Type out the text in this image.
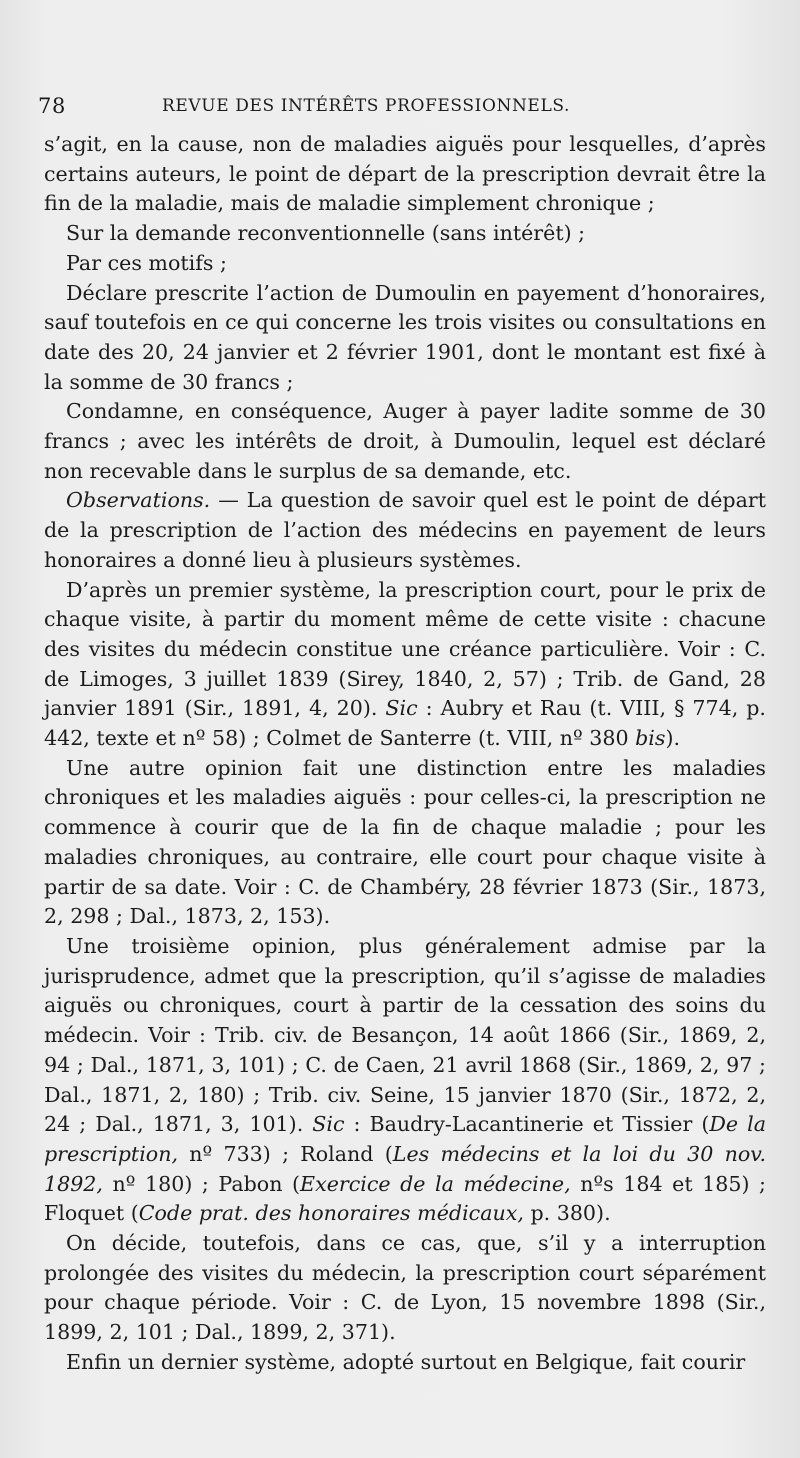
78	REVUE DES INTÉRÊTS PROFESSIONNELS.

s’agit, en la cause, non de maladies aiguës pour lesquelles, d’après certains auteurs, le point de départ de la prescription devrait être la fin de la maladie, mais de maladie simplement chronique ;

Sur la demande reconventionnelle (sans intérêt) ;

Par ces motifs ;

Déclare prescrite l’action de Dumoulin en payement d’honoraires, sauf toutefois en ce qui concerne les trois visites ou consultations en date des 20, 24 janvier et 2 février 1901, dont le montant est fixé à la somme de 30 francs ;

Condamne, en conséquence, Auger à payer ladite somme de 30 francs ; avec les intérêts de droit, à Dumoulin, lequel est déclaré non recevable dans le surplus de sa demande, etc.

Observations. — La question de savoir quel est le point de départ de la prescription de l’action des médecins en payement de leurs honoraires a donné lieu à plusieurs systèmes.

D’après un premier système, la prescription court, pour le prix de chaque visite, à partir du moment même de cette visite : chacune des visites du médecin constitue une créance particulière. Voir : C. de Limoges, 3 juillet 1839 (Sirey, 1840, 2, 57) ; Trib. de Gand, 28 janvier 1891 (Sir., 1891, 4, 20). Sic : Aubry et Rau (t. VIII, § 774, p. 442, texte et nº 58) ; Colmet de Santerre (t. VIII, nº 380 bis).

Une autre opinion fait une distinction entre les maladies chroniques et les maladies aiguës : pour celles-ci, la prescription ne commence à courir que de la fin de chaque maladie ; pour les maladies chroniques, au contraire, elle court pour chaque visite à partir de sa date. Voir : C. de Chambéry, 28 février 1873 (Sir., 1873, 2, 298 ; Dal., 1873, 2, 153).

Une troisième opinion, plus généralement admise par la jurisprudence, admet que la prescription, qu’il s’agisse de maladies aiguës ou chroniques, court à partir de la cessation des soins du médecin. Voir : Trib. civ. de Besançon, 14 août 1866 (Sir., 1869, 2, 94 ; Dal., 1871, 3, 101) ; C. de Caen, 21 avril 1868 (Sir., 1869, 2, 97 ; Dal., 1871, 2, 180) ; Trib. civ. Seine, 15 janvier 1870 (Sir., 1872, 2, 24 ; Dal., 1871, 3, 101). Sic : Baudry-Lacantinerie et Tissier (De la prescription, nº 733) ; Roland (Les médecins et la loi du 30 nov. 1892, nº 180) ; Pabon (Exercice de la médecine, nºs 184 et 185) ; Floquet (Code prat. des honoraires médicaux, p. 380).

On décide, toutefois, dans ce cas, que, s’il y a interruption prolongée des visites du médecin, la prescription court séparément pour chaque période. Voir : C. de Lyon, 15 novembre 1898 (Sir., 1899, 2, 101 ; Dal., 1899, 2, 371).

Enfin un dernier système, adopté surtout en Belgique, fait courir
